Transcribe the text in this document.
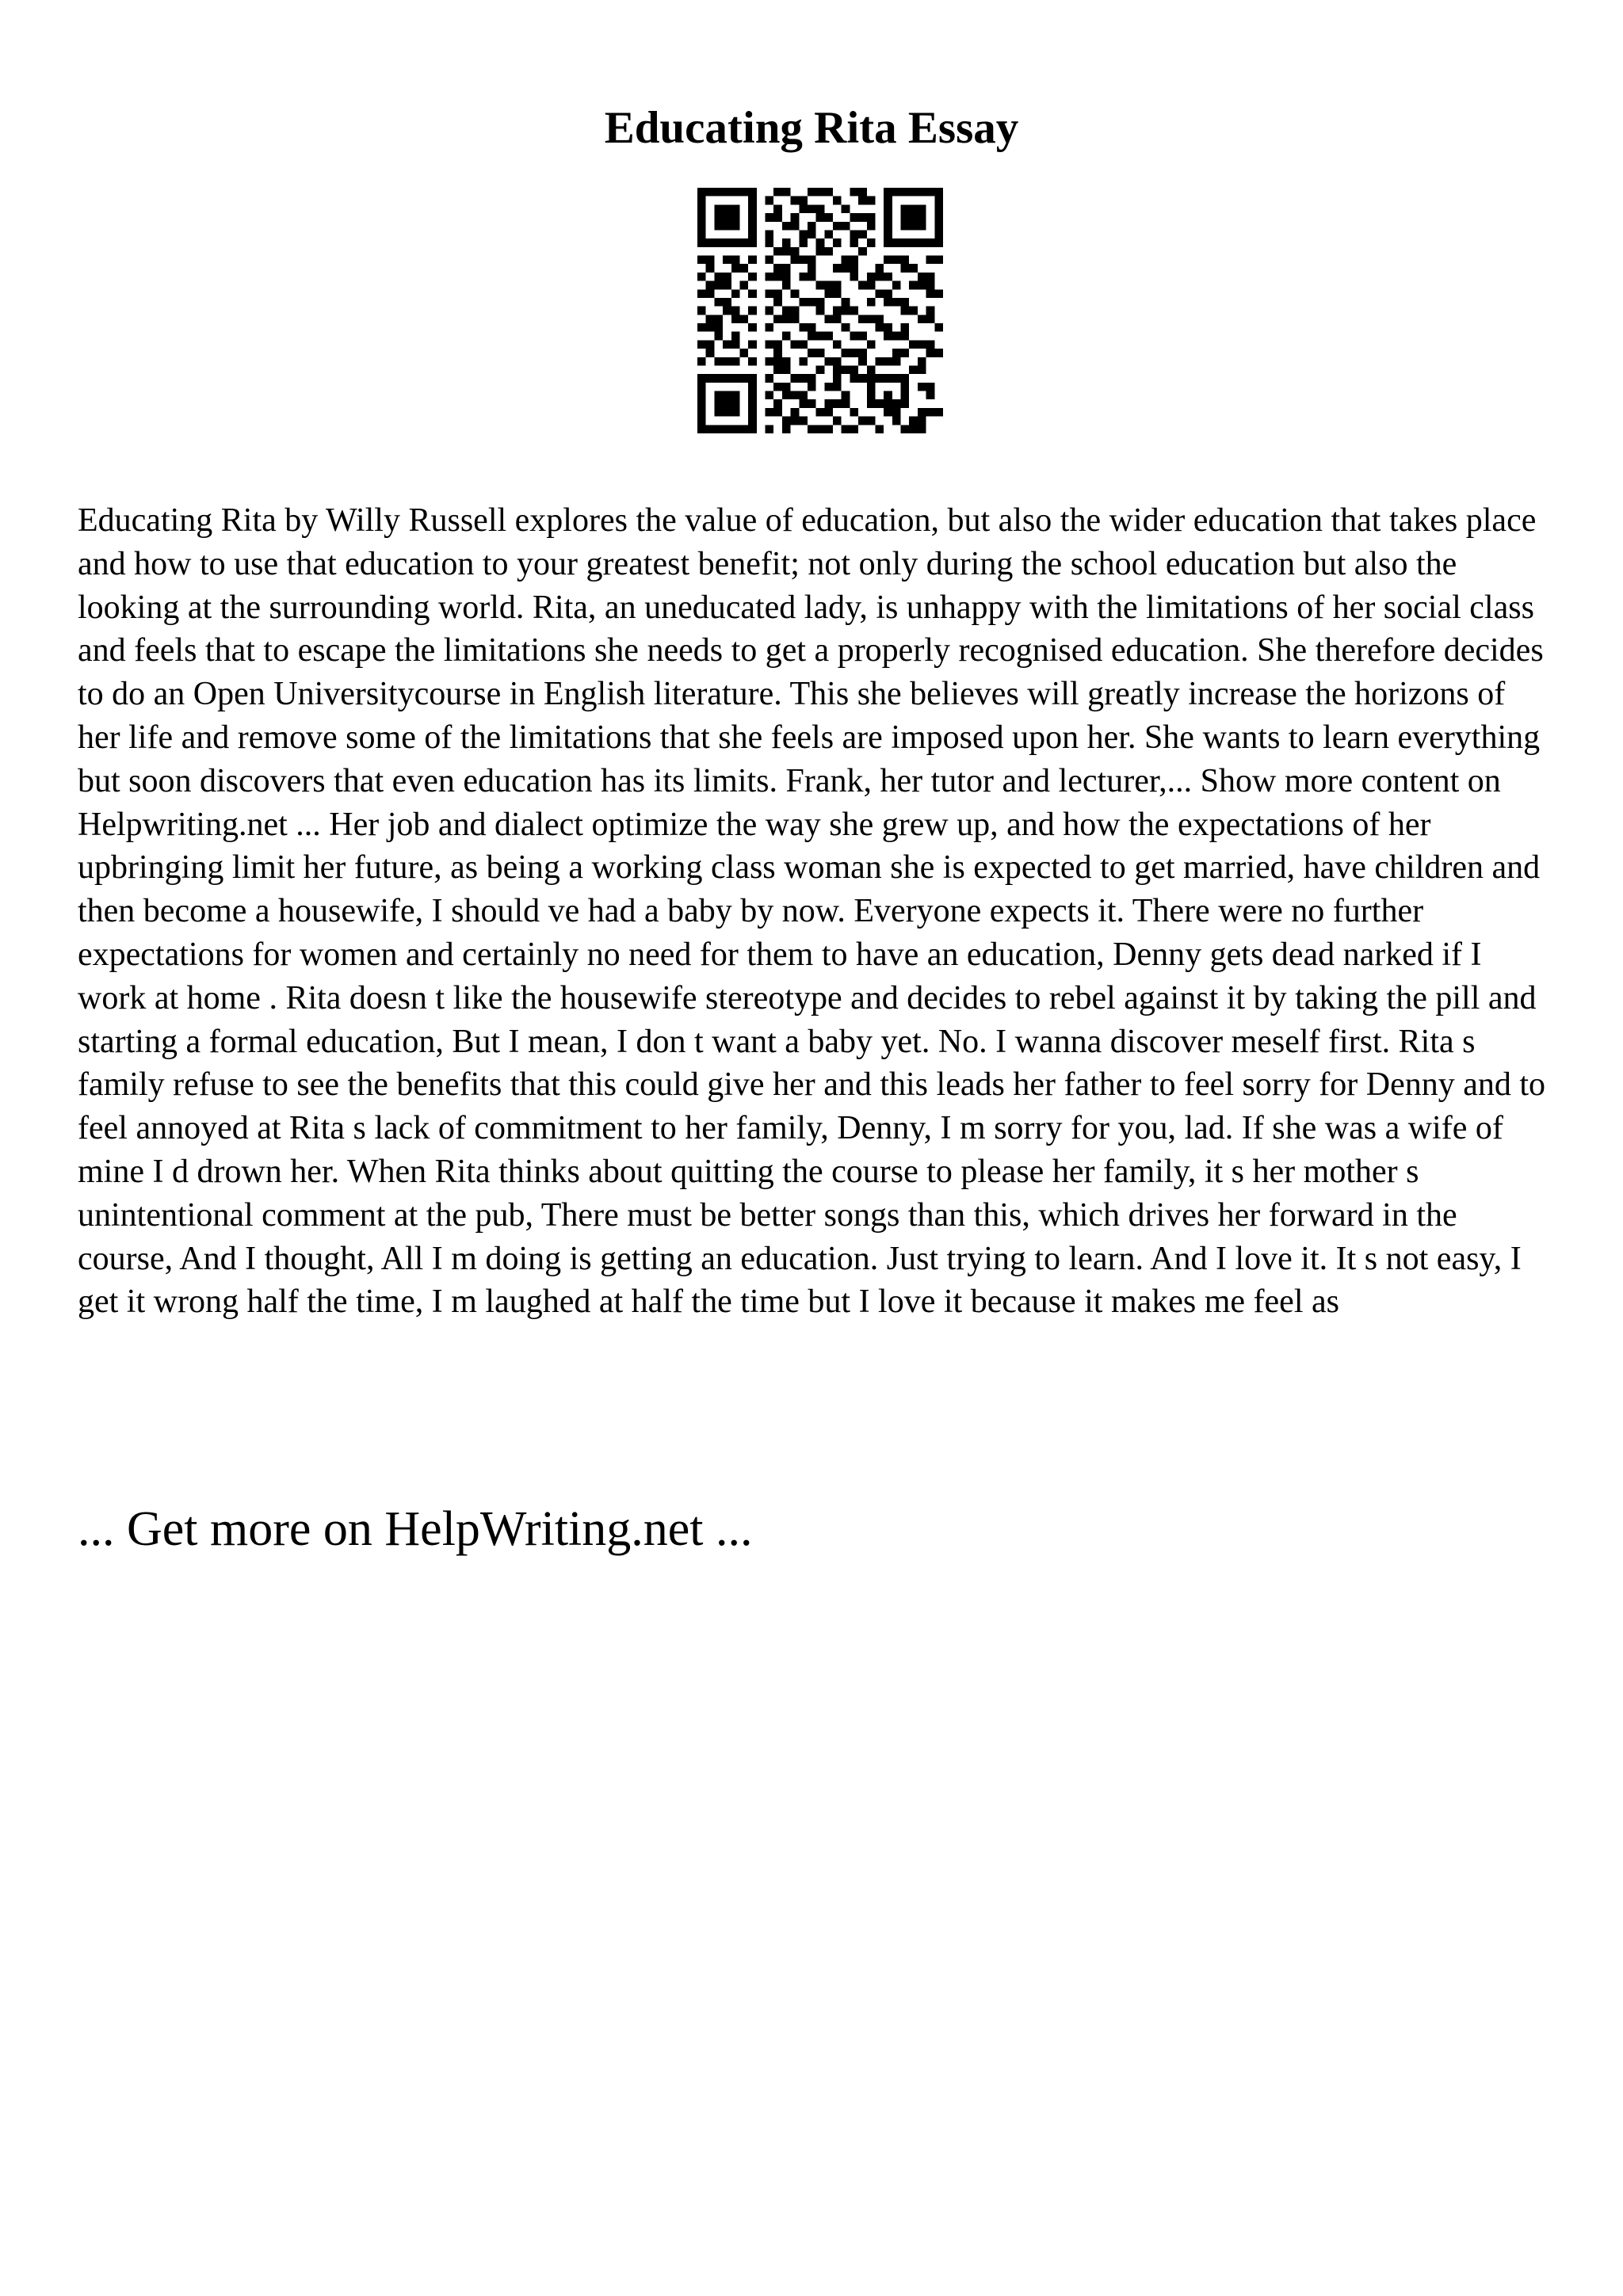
Educating Rita Essay

Educating Rita by Willy Russell explores the value of education, but also the wider education that takes place and how to use that education to your greatest benefit; not only during the school education but also the looking at the surrounding world. Rita, an uneducated lady, is unhappy with the limitations of her social class and feels that to escape the limitations she needs to get a properly recognised education. She therefore decides to do an Open Universitycourse in English literature. This she believes will greatly increase the horizons of her life and remove some of the limitations that she feels are imposed upon her. She wants to learn everything but soon discovers that even education has its limits. Frank, her tutor and lecturer,... Show more content on Helpwriting.net ... Her job and dialect optimize the way she grew up, and how the expectations of her upbringing limit her future, as being a working class woman she is expected to get married, have children and then become a housewife, I should ve had a baby by now. Everyone expects it. There were no further expectations for women and certainly no need for them to have an education, Denny gets dead narked if I work at home . Rita doesn t like the housewife stereotype and decides to rebel against it by taking the pill and starting a formal education, But I mean, I don t want a baby yet. No. I wanna discover meself first. Rita s family refuse to see the benefits that this could give her and this leads her father to feel sorry for Denny and to feel annoyed at Rita s lack of commitment to her family, Denny, I m sorry for you, lad. If she was a wife of mine I d drown her. When Rita thinks about quitting the course to please her family, it s her mother s unintentional comment at the pub, There must be better songs than this, which drives her forward in the course, And I thought, All I m doing is getting an education. Just trying to learn. And I love it. It s not easy, I get it wrong half the time, I m laughed at half the time but I love it because it makes me feel as

... Get more on HelpWriting.net ...
